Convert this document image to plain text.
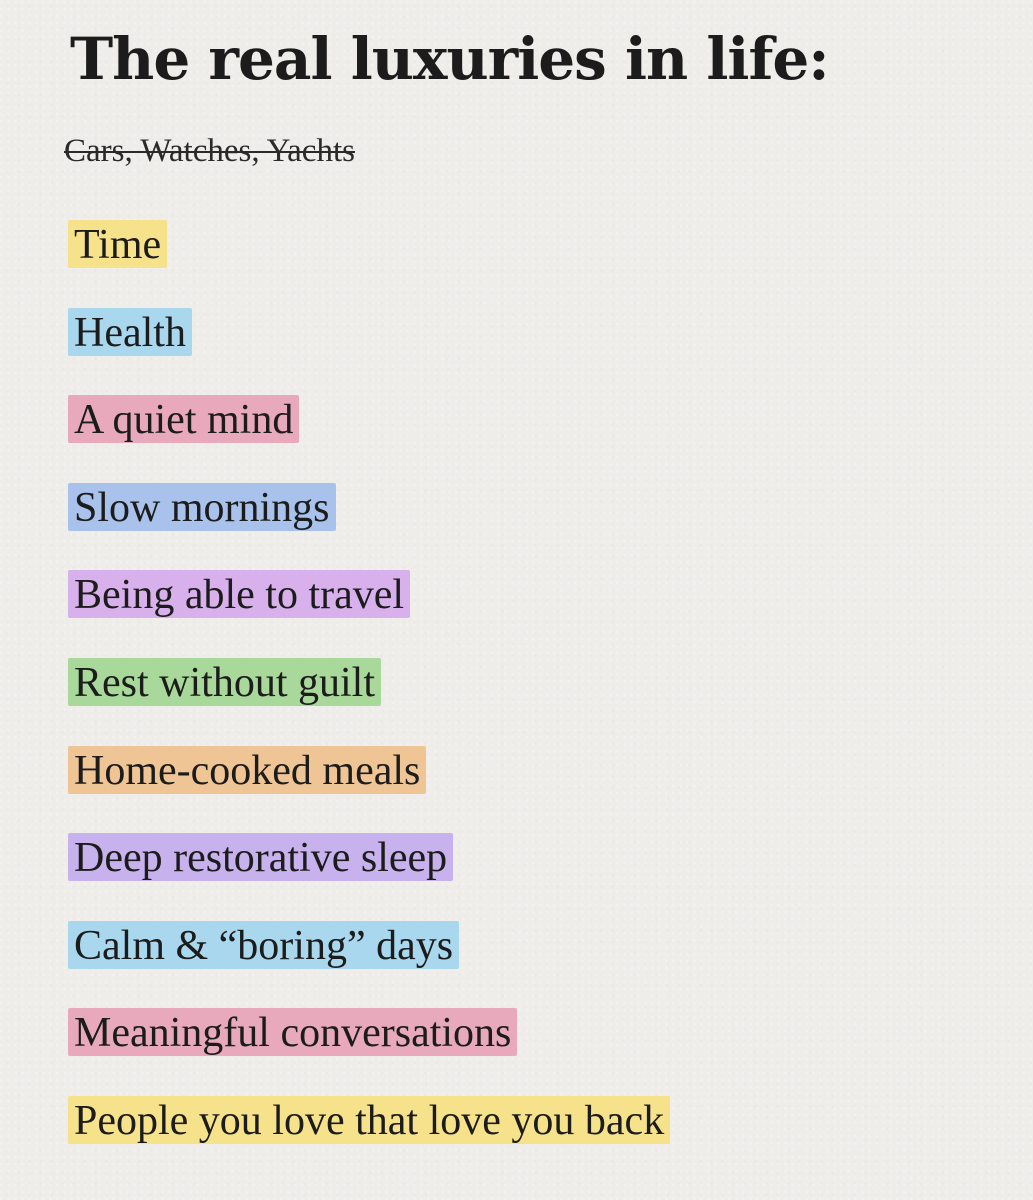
The real luxuries in life:

Cars, Watches, Yachts

Time
Health
A quiet mind
Slow mornings
Being able to travel
Rest without guilt
Home-cooked meals
Deep restorative sleep
Calm & “boring” days
Meaningful conversations
People you love that love you back
